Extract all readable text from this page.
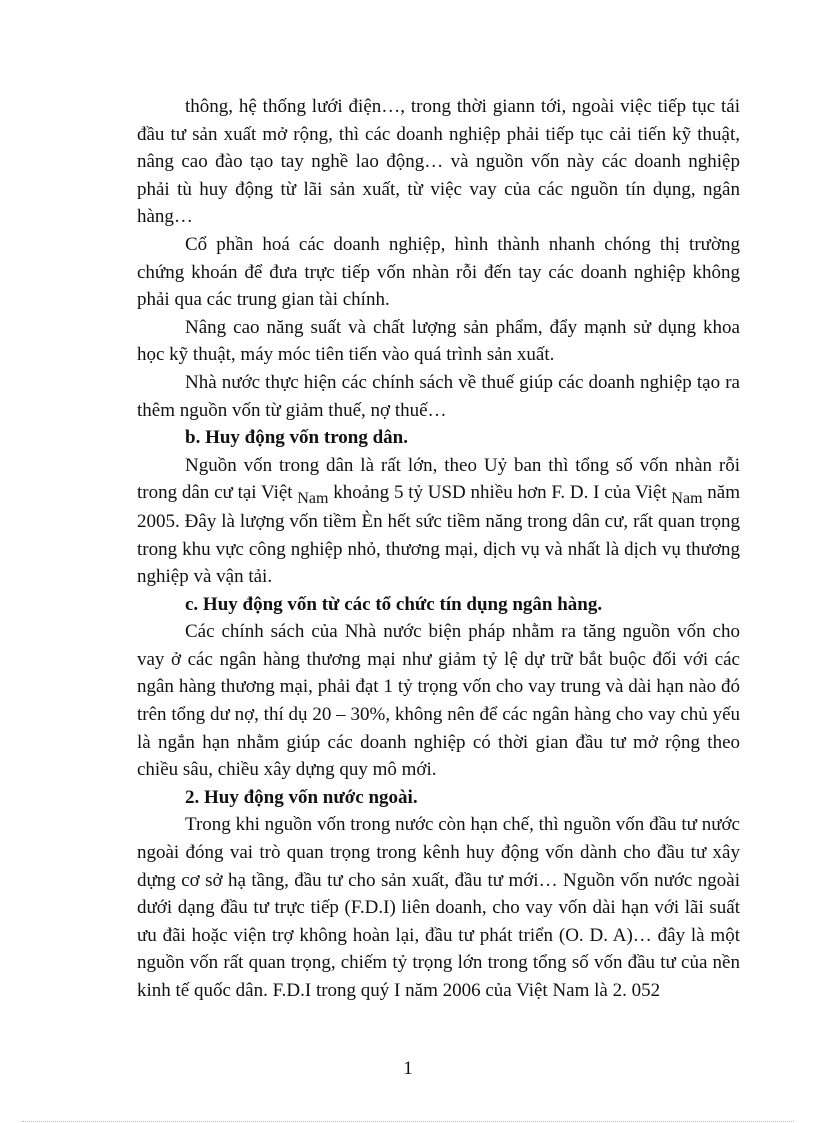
thông, hệ thống lưới điện…, trong thời giann tới, ngoài việc tiếp tục tái đầu tư sản xuất mở rộng, thì các doanh nghiệp phải tiếp tục cải tiến kỹ thuật, nâng cao đào tạo tay nghề lao động… và nguồn vốn này các doanh nghiệp phải tù huy động từ lãi sản xuất, từ việc vay của các nguồn tín dụng, ngân hàng…

Cổ phần hoá các doanh nghiệp, hình thành nhanh chóng thị trường chứng khoán để đưa trực tiếp vốn nhàn rỗi đến tay các doanh nghiệp không phải qua các trung gian tài chính.

Nâng cao năng suất và chất lượng sản phẩm, đẩy mạnh sử dụng khoa học kỹ thuật, máy móc tiên tiến vào quá trình sản xuất.

Nhà nước thực hiện các chính sách về thuế giúp các doanh nghiệp tạo ra thêm nguồn vốn từ giảm thuế, nợ thuế…

b. Huy động vốn trong dân.

Nguồn vốn trong dân là rất lớn, theo Uỷ ban thì tổng số vốn nhàn rỗi trong dân cư tại Việt $_{Nam}$ khoảng 5 tỷ USD nhiều hơn F. D. I của Việt $_{Nam}$ năm 2005. Đây là lượng vốn tiềm Èn hết sức tiềm năng trong dân cư, rất quan trọng trong khu vực công nghiệp nhỏ, thương mại, dịch vụ và nhất là dịch vụ thương nghiệp và vận tải.

c. Huy động vốn từ các tổ chức tín dụng ngân hàng.

Các chính sách của Nhà nước biện pháp nhằm ra tăng nguồn vốn cho vay ở các ngân hàng thương mại như giảm tỷ lệ dự trữ bắt buộc đối với các ngân hàng thương mại, phải đạt 1 tỷ trọng vốn cho vay trung và dài hạn nào đó trên tổng dư nợ, thí dụ 20 – 30%, không nên để các ngân hàng cho vay chủ yếu là ngắn hạn nhằm giúp các doanh nghiệp có thời gian đầu tư mở rộng theo chiều sâu, chiều xây dựng quy mô mới.

2. Huy động vốn nước ngoài.

Trong khi nguồn vốn trong nước còn hạn chế, thì nguồn vốn đầu tư nước ngoài đóng vai trò quan trọng trong kênh huy động vốn dành cho đầu tư xây dựng cơ sở hạ tầng, đầu tư cho sản xuất, đầu tư mới… Nguồn vốn nước ngoài dưới dạng đầu tư trực tiếp (F.D.I) liên doanh, cho vay vốn dài hạn với lãi suất ưu đãi hoặc viện trợ không hoàn lại, đầu tư phát triển (O. D. A)… đây là một nguồn vốn rất quan trọng, chiếm tỷ trọng lớn trong tổng số vốn đầu tư của nền kinh tế quốc dân. F.D.I trong quý I năm 2006 của Việt Nam là 2. 052

1
